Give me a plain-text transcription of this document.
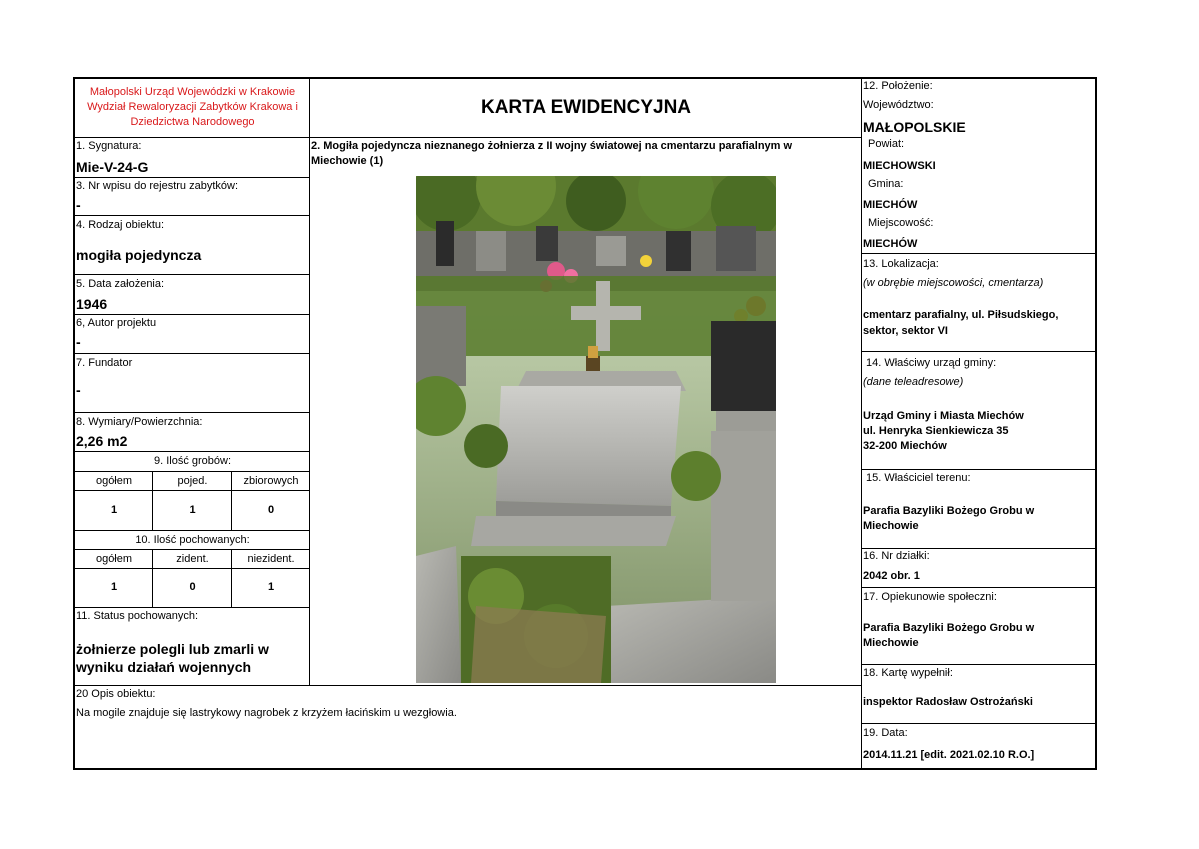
Małopolski Urząd Wojewódzki w Krakowie
Wydział Rewaloryzacji Zabytków Krakowa i
Dziedzictwa Narodowego
1. Sygnatura:
Mie-V-24-G
3. Nr wpisu do rejestru zabytków:
-
4. Rodzaj obiektu:
mogiła pojedyncza
5. Data założenia:
1946
6, Autor projektu
-
7. Fundator
-
8. Wymiary/Powierzchnia:
2,26 m2
9. Ilość grobów:
ogółem	pojed.	zbiorowych
1	1	0
10. Ilość pochowanych:
ogółem	zident.	niezident.
1	0	1
11. Status pochowanych:
żołnierze polegli lub zmarli w
wyniku działań wojennych
KARTA EWIDENCYJNA
2. Mogiła pojedyncza nieznanego żołnierza z II wojny światowej na cmentarzu parafialnym w
Miechowie (1)
20 Opis obiektu:
Na mogile znajduje się lastrykowy nagrobek z krzyżem łacińskim u wezgłowia.
12. Położenie:
Województwo:
MAŁOPOLSKIE
Powiat:
MIECHOWSKI
Gmina:
MIECHÓW
Miejscowość:
MIECHÓW
13. Lokalizacja:
(w obrębie miejscowości, cmentarza)
cmentarz parafialny, ul. Piłsudskiego,
sektor, sektor VI
14. Właściwy urząd gminy:
(dane teleadresowe)
Urząd Gminy i Miasta Miechów
ul. Henryka Sienkiewicza 35
32-200 Miechów
15. Właściciel terenu:
Parafia Bazyliki Bożego Grobu w
Miechowie
16. Nr działki:
2042 obr. 1
17. Opiekunowie społeczni:
Parafia Bazyliki Bożego Grobu w
Miechowie
18. Kartę wypełnił:
inspektor Radosław Ostrożański
19. Data:
2014.11.21 [edit. 2021.02.10 R.O.]
